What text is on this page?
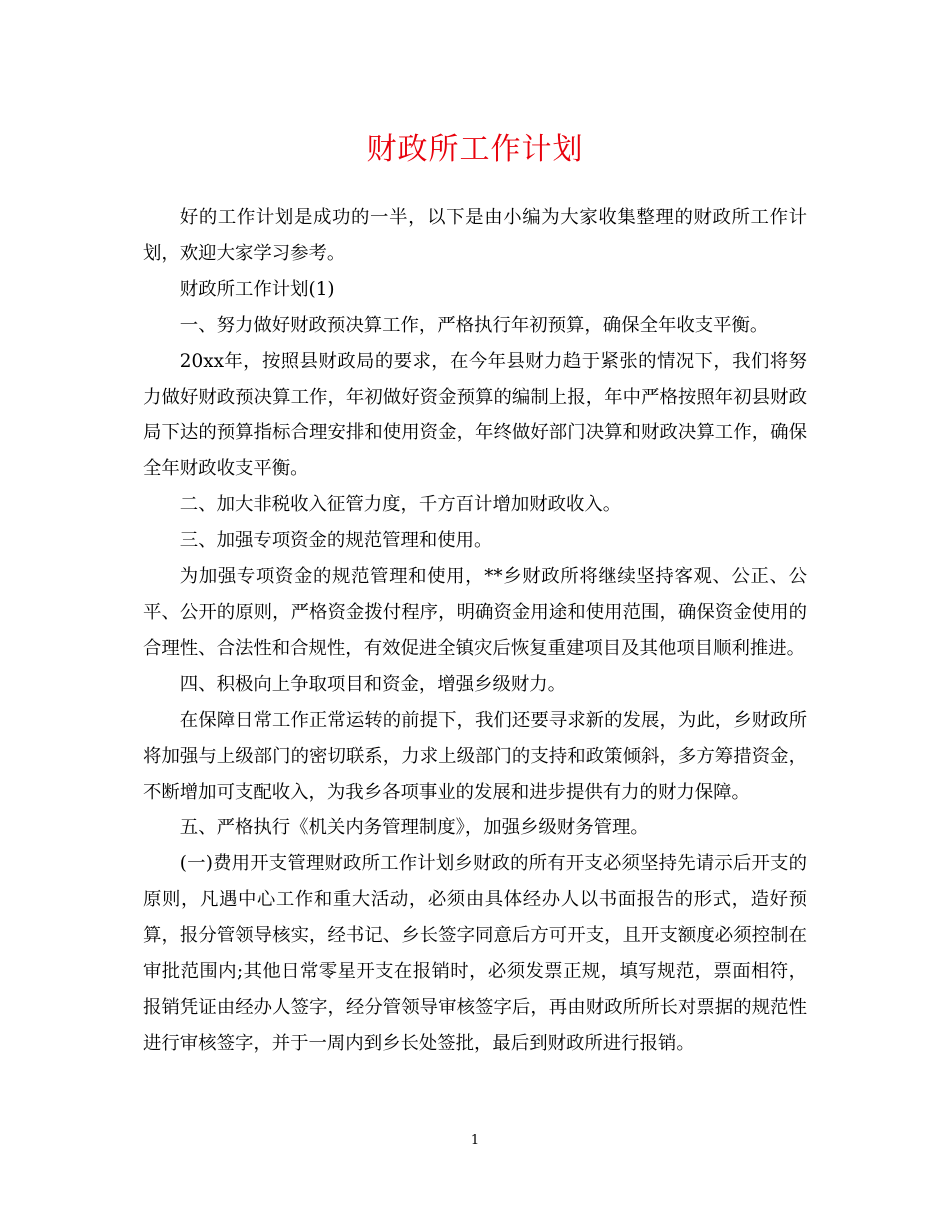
财政所工作计划

好的工作计划是成功的一半，以下是由小编为大家收集整理的财政所工作计划，欢迎大家学习参考。

财政所工作计划(1)

一、努力做好财政预决算工作，严格执行年初预算，确保全年收支平衡。

20xx年，按照县财政局的要求，在今年县财力趋于紧张的情况下，我们将努力做好财政预决算工作，年初做好资金预算的编制上报，年中严格按照年初县财政局下达的预算指标合理安排和使用资金，年终做好部门决算和财政决算工作，确保全年财政收支平衡。

二、加大非税收入征管力度，千方百计增加财政收入。

三、加强专项资金的规范管理和使用。

为加强专项资金的规范管理和使用，**乡财政所将继续坚持客观、公正、公平、公开的原则，严格资金拨付程序，明确资金用途和使用范围，确保资金使用的合理性、合法性和合规性，有效促进全镇灾后恢复重建项目及其他项目顺利推进。

四、积极向上争取项目和资金，增强乡级财力。

在保障日常工作正常运转的前提下，我们还要寻求新的发展，为此，乡财政所将加强与上级部门的密切联系，力求上级部门的支持和政策倾斜，多方筹措资金，不断增加可支配收入，为我乡各项事业的发展和进步提供有力的财力保障。

五、严格执行《机关内务管理制度》，加强乡级财务管理。

(一)费用开支管理财政所工作计划乡财政的所有开支必须坚持先请示后开支的原则，凡遇中心工作和重大活动，必须由具体经办人以书面报告的形式，造好预算，报分管领导核实，经书记、乡长签字同意后方可开支，且开支额度必须控制在审批范围内;其他日常零星开支在报销时，必须发票正规，填写规范，票面相符，报销凭证由经办人签字，经分管领导审核签字后，再由财政所所长对票据的规范性进行审核签字，并于一周内到乡长处签批，最后到财政所进行报销。

1
